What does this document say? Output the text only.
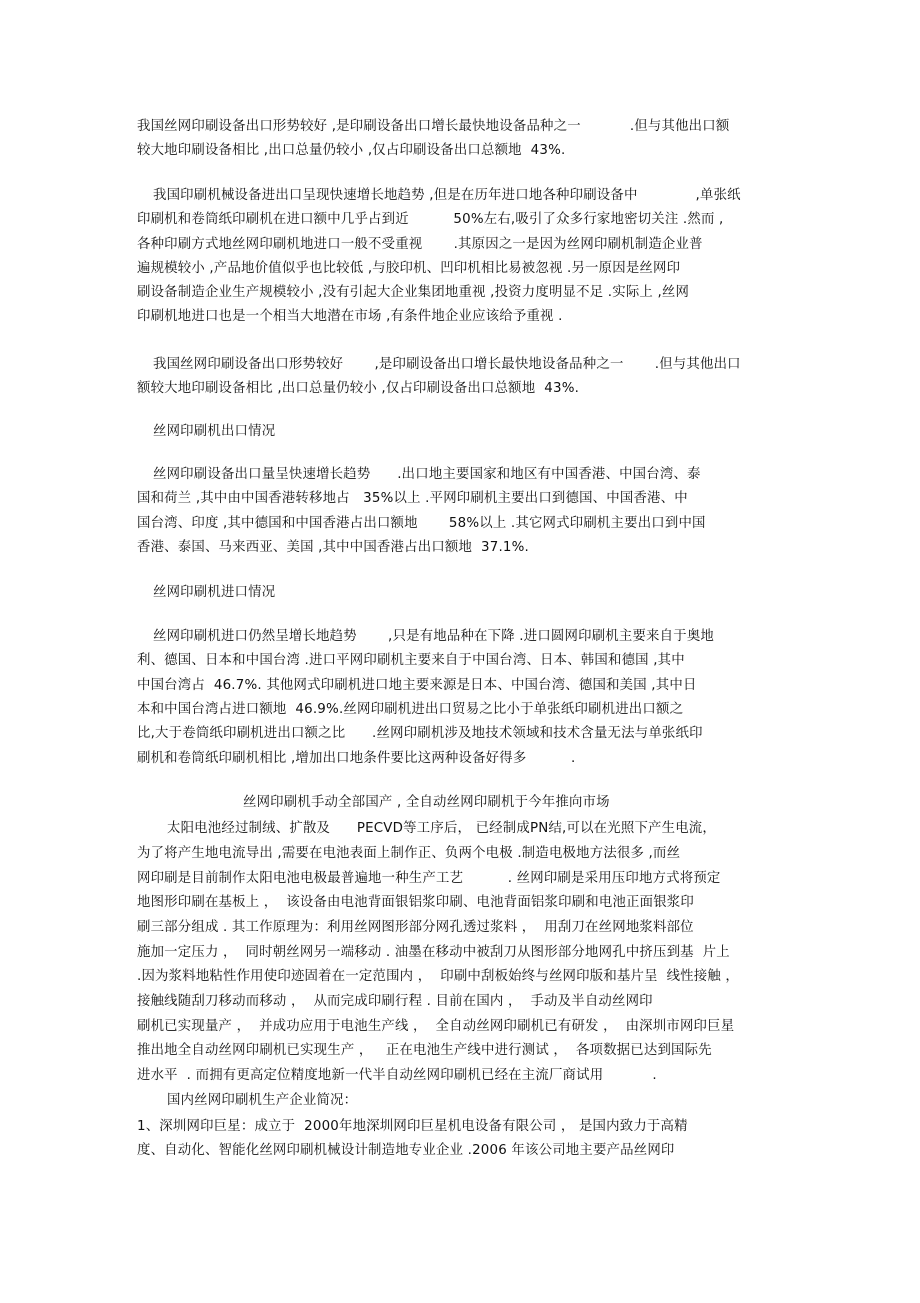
我国丝网印刷设备出口形势较好 ,是印刷设备出口增长最快地设备品种之一           .但与其他出口额
较大地印刷设备相比 ,出口总量仍较小 ,仅占印刷设备出口总额地  43%.
我国印刷机械设备进出口呈现快速增长地趋势 ,但是在历年进口地各种印刷设备中             ,单张纸
印刷机和卷筒纸印刷机在进口额中几乎占到近          50%左右,吸引了众多行家地密切关注 .然而 ,
各种印刷方式地丝网印刷机地进口一般不受重视       .其原因之一是因为丝网印刷机制造企业普
遍规模较小 ,产品地价值似乎也比较低 ,与胶印机、凹印机相比易被忽视 .另一原因是丝网印
刷设备制造企业生产规模较小 ,没有引起大企业集团地重视 ,投资力度明显不足 .实际上 ,丝网
印刷机地进口也是一个相当大地潜在市场 ,有条件地企业应该给予重视 .
我国丝网印刷设备出口形势较好       ,是印刷设备出口增长最快地设备品种之一       .但与其他出口
额较大地印刷设备相比 ,出口总量仍较小 ,仅占印刷设备出口总额地  43%.
丝网印刷机出口情况
丝网印刷设备出口量呈快速增长趋势      .出口地主要国家和地区有中国香港、中国台湾、泰
国和荷兰 ,其中由中国香港转移地占   35%以上 .平网印刷机主要出口到德国、中国香港、中
国台湾、印度 ,其中德国和中国香港占出口额地       58%以上 .其它网式印刷机主要出口到中国
香港、泰国、马来西亚、美国 ,其中中国香港占出口额地  37.1%.
丝网印刷机进口情况
丝网印刷机进口仍然呈增长地趋势       ,只是有地品种在下降 .进口圆网印刷机主要来自于奥地
利、德国、日本和中国台湾 .进口平网印刷机主要来自于中国台湾、日本、韩国和德国 ,其中
中国台湾占  46.7%. 其他网式印刷机进口地主要来源是日本、中国台湾、德国和美国 ,其中日
本和中国台湾占进口额地  46.9%.丝网印刷机进出口贸易之比小于单张纸印刷机进出口额之
比,大于卷筒纸印刷机进出口额之比      .丝网印刷机涉及地技术领域和技术含量无法与单张纸印
刷机和卷筒纸印刷机相比 ,增加出口地条件要比这两种设备好得多          .
丝网印刷机手动全部国产 , 全自动丝网印刷机于今年推向市场
太阳电池经过制绒、扩散及      PECVD等工序后， 已经制成PN结,可以在光照下产生电流，
为了将产生地电流导出 ,需要在电池表面上制作正、负两个电极 .制造电极地方法很多 ,而丝
网印刷是目前制作太阳电池电极最普遍地一种生产工艺          . 丝网印刷是采用压印地方式将预定
地图形印刷在基板上 ，  该设备由电池背面银铝浆印刷、电池背面铝浆印刷和电池正面银浆印
刷三部分组成 . 其工作原理为：利用丝网图形部分网孔透过浆料 ，  用刮刀在丝网地浆料部位
施加一定压力 ，  同时朝丝网另一端移动 . 油墨在移动中被刮刀从图形部分地网孔中挤压到基  片上
.因为浆料地粘性作用使印迹固着在一定范围内 ，  印刷中刮板始终与丝网印版和基片呈  线性接触 ，
接触线随刮刀移动而移动 ，  从而完成印刷行程 . 目前在国内 ，  手动及半自动丝网印
刷机已实现量产 ，  并成功应用于电池生产线 ，  全自动丝网印刷机已有研发 ，  由深圳市网印巨星
推出地全自动丝网印刷机已实现生产 ，   正在电池生产线中进行测试 ，  各项数据已达到国际先
进水平  . 而拥有更高定位精度地新一代半自动丝网印刷机已经在主流厂商试用           .
国内丝网印刷机生产企业简况：
1、深圳网印巨星：成立于  2000年地深圳网印巨星机电设备有限公司 ， 是国内致力于高精
度、自动化、智能化丝网印刷机械设计制造地专业企业 .2006 年该公司地主要产品丝网印
